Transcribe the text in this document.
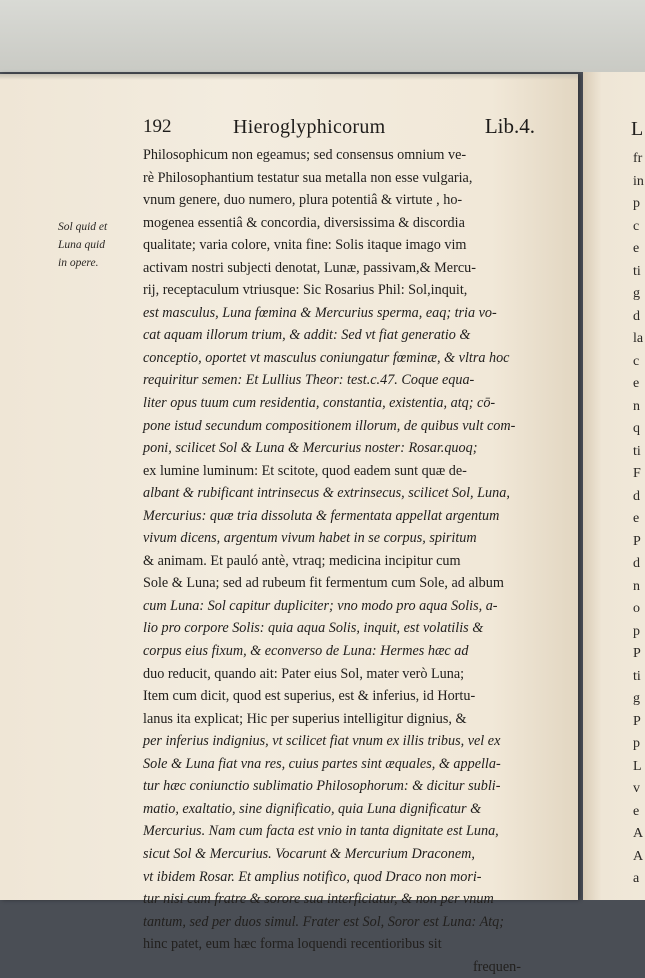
192	Hieroglyphicorum	Lib.4.
Sol quid et
Luna quid
in opere.
Philosophicum non egeamus; sed consensus omnium ve-
rè Philosophantium testatur sua metalla non esse vulgaria,
vnum genere, duo numero, plura potentiâ & virtute , ho-
mogenea essentiâ & concordia, diversissima & discordia
qualitate; varia colore, vnita fine: Solis itaque imago vim
activam nostri subjecti denotat, Lunæ, passivam,& Mercu-
rij, receptaculum vtriusque: Sic Rosarius Phil: Sol,inquit,
est masculus, Luna fœmina & Mercurius sperma, eaq; tria vo-
cat aquam illorum trium, & addit: Sed vt fiat generatio &
conceptio, oportet vt masculus coniungatur fœminæ, & vltra hoc
requiritur semen: Et Lullius Theor: test.c.47. Coque equa-
liter opus tuum cum residentia, constantia, existentia, atq; cō-
pone istud secundum compositionem illorum, de quibus vult com-
poni, scilicet Sol & Luna & Mercurius noster: Rosar.quoq;
ex lumine luminum: Et scitote, quod eadem sunt quæ de-
albant & rubificant intrinsecus & extrinsecus, scilicet Sol, Luna,
Mercurius: quæ tria dissoluta & fermentata appellat argentum
vivum dicens, argentum vivum habet in se corpus, spiritum
& animam. Et pauló antè, vtraq; medicina incipitur cum
Sole & Luna; sed ad rubeum fit fermentum cum Sole, ad album
cum Luna: Sol capitur dupliciter; vno modo pro aqua Solis, a-
lio pro corpore Solis: quia aqua Solis, inquit, est volatilis &
corpus eius fixum, & econverso de Luna: Hermes hæc ad
duo reducit, quando ait: Pater eius Sol, mater verò Luna;
Item cum dicit, quod est superius, est & inferius, id Hortu-
lanus ita explicat; Hic per superius intelligitur dignius, &
per inferius indignius, vt scilicet fiat vnum ex illis tribus, vel ex
Sole & Luna fiat vna res, cuius partes sint æquales, & appella-
tur hæc coniunctio sublimatio Philosophorum: & dicitur subli-
matio, exaltatio, sine dignificatio, quia Luna dignificatur &
Mercurius. Nam cum facta est vnio in tanta dignitate est Luna,
sicut Sol & Mercurius. Vocarunt & Mercurium Draconem,
vt ibidem Rosar. Et amplius notifico, quod Draco non mori-
tur nisi cum fratre & sorore sua interficiatur, & non per vnum
tantum, sed per duos simul. Frater est Sol, Soror est Luna: Atq;
hinc patet, eum hæc forma loquendi recentioribus sit
frequen-
L
fr
in
p
c
e
ti
g
d
la
c
e
n
q
ti
F
d
e
P
d
n
o
p
P
ti
g
P
p
L
v
e
A
A
a
